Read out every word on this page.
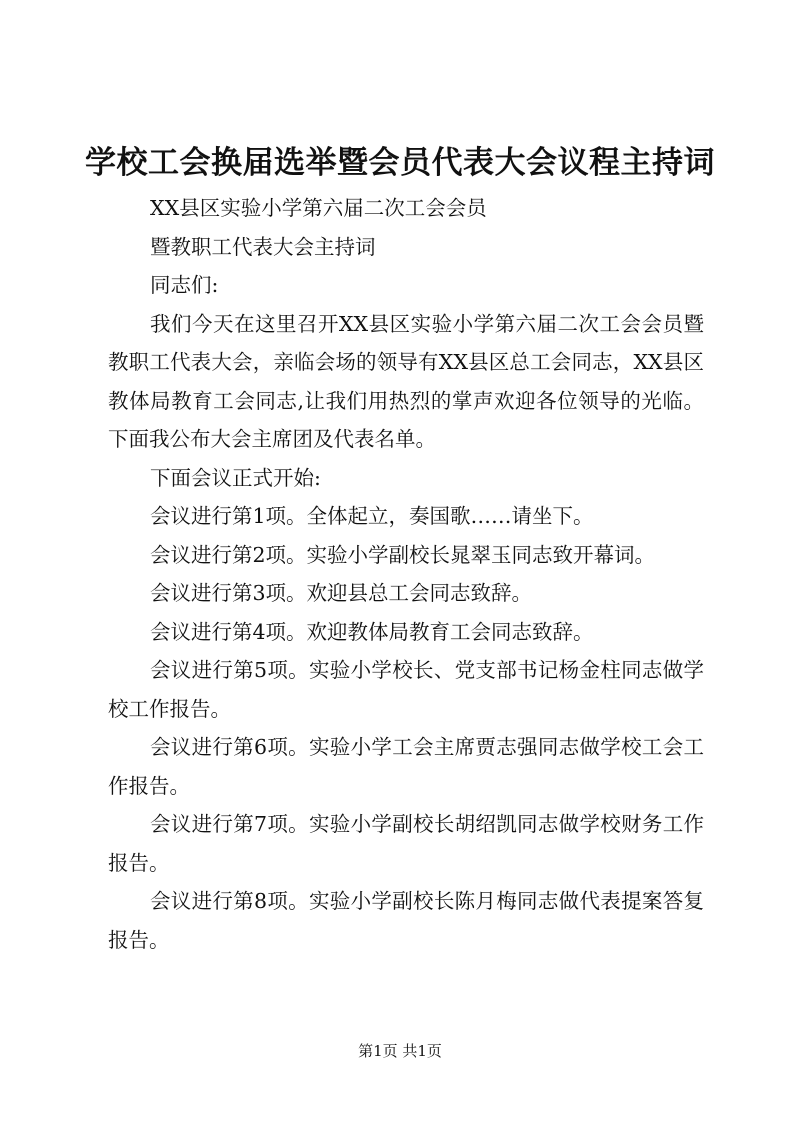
学校工会换届选举暨会员代表大会议程主持词

XX县区实验小学第六届二次工会会员

暨教职工代表大会主持词

同志们:

我们今天在这里召开XX县区实验小学第六届二次工会会员暨教职工代表大会，亲临会场的领导有XX县区总工会同志，XX县区教体局教育工会同志,让我们用热烈的掌声欢迎各位领导的光临。下面我公布大会主席团及代表名单。

下面会议正式开始:

会议进行第1项。全体起立，奏国歌……请坐下。

会议进行第2项。实验小学副校长晁翠玉同志致开幕词。

会议进行第3项。欢迎县总工会同志致辞。

会议进行第4项。欢迎教体局教育工会同志致辞。

会议进行第5项。实验小学校长、党支部书记杨金柱同志做学校工作报告。

会议进行第6项。实验小学工会主席贾志强同志做学校工会工作报告。

会议进行第7项。实验小学副校长胡绍凯同志做学校财务工作报告。

会议进行第8项。实验小学副校长陈月梅同志做代表提案答复报告。

第1页 共1页
